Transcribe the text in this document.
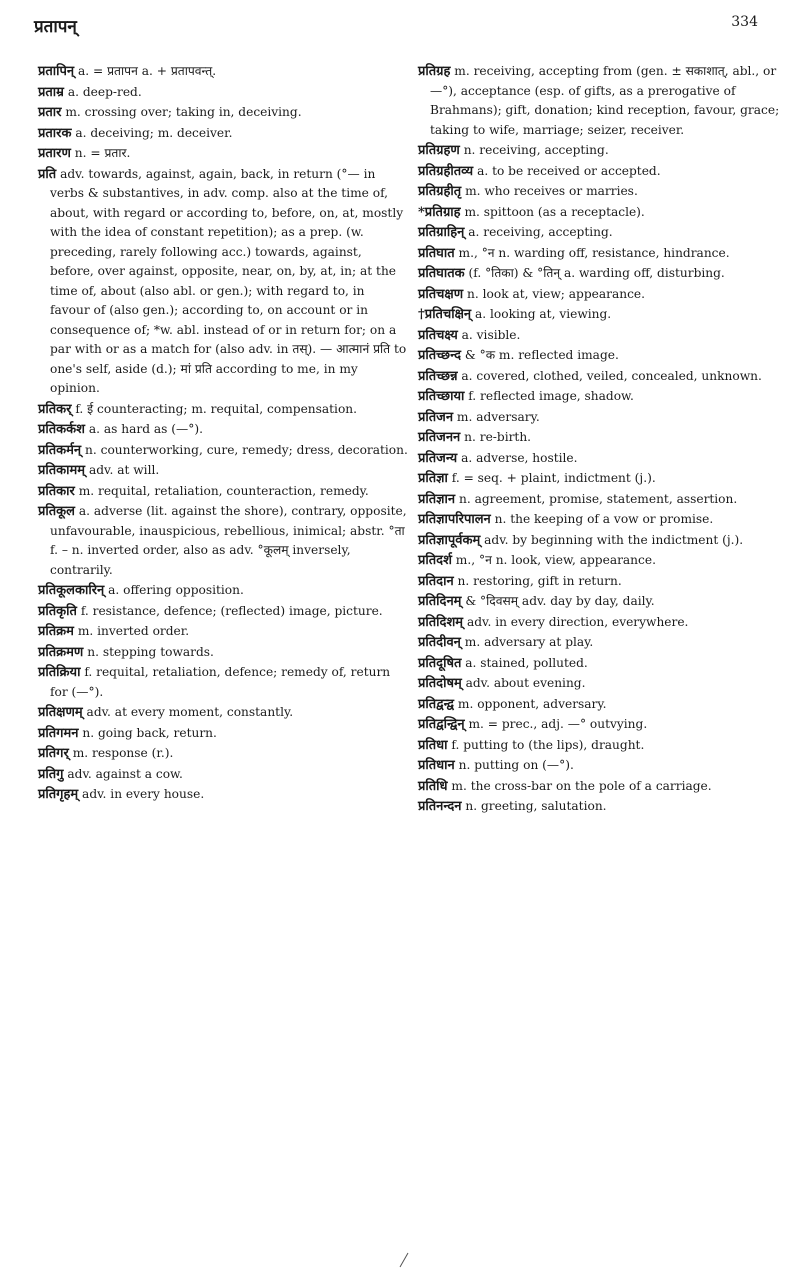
प्रतापन्	334

प्रतापिन् a. = प्रतापन a. + प्रतापवन्त्.

प्रताम्र a. deep-red.

प्रतार m. crossing over; taking in, deceiving.

प्रतारक a. deceiving; m. deceiver.

प्रतारण n. = प्रतार.

प्रति adv. towards, against, again, back, in return (°— in verbs & substantives, in adv. comp. also at the time of, about, with regard or according to, before, on, at, mostly with the idea of constant repetition); as a prep. (w. preceding, rarely following acc.) towards, against, before, over against, opposite, near, on, by, at, in; at the time of, about (also abl. or gen.); with regard to, in favour of (also gen.); according to, on account or in consequence of; *w. abl. instead of or in return for; on a par with or as a match for (also adv. in तस्). — आत्मानं प्रति to one's self, aside (d.); मां प्रति according to me, in my opinion.

प्रतिकर् f. ई counteracting; m. requital, compensation.

प्रतिकर्कश a. as hard as (—°).

प्रतिकर्मन् n. counterworking, cure, remedy; dress, decoration.

प्रतिकामम् adv. at will.

प्रतिकार m. requital, retaliation, counteraction, remedy.

प्रतिकूल a. adverse (lit. against the shore), contrary, opposite, unfavourable, inauspicious, rebellious, inimical; abstr. °ता f. – n. inverted order, also as adv. °कूलम् inversely, contrarily.

प्रतिकूलकारिन् a. offering opposition.

प्रतिकृति f. resistance, defence; (reflected) image, picture.

प्रतिक्रम m. inverted order.

प्रतिक्रमण n. stepping towards.

प्रतिक्रिया f. requital, retaliation, defence; remedy of, return for (—°).

प्रतिक्षणम् adv. at every moment, constantly.

प्रतिगमन n. going back, return.

प्रतिगर् m. response (r.).

प्रतिगु adv. against a cow.

प्रतिगृहम् adv. in every house.

प्रतिग्रह m. receiving, accepting from (gen. ± सकाशात्, abl., or —°), acceptance (esp. of gifts, as a prerogative of Brahmans); gift, donation; kind reception, favour, grace; taking to wife, marriage; seizer, receiver.

प्रतिग्रहण n. receiving, accepting.

प्रतिग्रहीतव्य a. to be received or accepted.

प्रतिग्रहीतृ m. who receives or marries.

*प्रतिग्राह m. spittoon (as a receptacle).

प्रतिग्राहिन् a. receiving, accepting.

प्रतिघात m., °न n. warding off, resistance, hindrance.

प्रतिघातक (f. °तिका) & °तिन् a. warding off, disturbing.

प्रतिचक्षण n. look at, view; appearance.

†प्रतिचक्षिन् a. looking at, viewing.

प्रतिचक्ष्य a. visible.

प्रतिच्छन्द & °क m. reflected image.

प्रतिच्छन्न a. covered, clothed, veiled, concealed, unknown.

प्रतिच्छाया f. reflected image, shadow.

प्रतिजन m. adversary.

प्रतिजनन n. re-birth.

प्रतिजन्य a. adverse, hostile.

प्रतिज्ञा f. = seq. + plaint, indictment (j.).

प्रतिज्ञान n. agreement, promise, statement, assertion.

प्रतिज्ञापरिपालन n. the keeping of a vow or promise.

प्रतिज्ञापूर्वकम् adv. by beginning with the indictment (j.).

प्रतिदर्श m., °न n. look, view, appearance.

प्रतिदान n. restoring, gift in return.

प्रतिदिनम् & °दिवसम् adv. day by day, daily.

प्रतिदिशम् adv. in every direction, everywhere.

प्रतिदीवन् m. adversary at play.

प्रतिदूषित a. stained, polluted.

प्रतिदोषम् adv. about evening.

प्रतिद्वन्द्व m. opponent, adversary.

प्रतिद्वन्द्विन् m. = prec., adj. —° outvying.

प्रतिधा f. putting to (the lips), draught.

प्रतिधान n. putting on (—°).

प्रतिधि m. the cross-bar on the pole of a carriage.

प्रतिनन्दन n. greeting, salutation.
